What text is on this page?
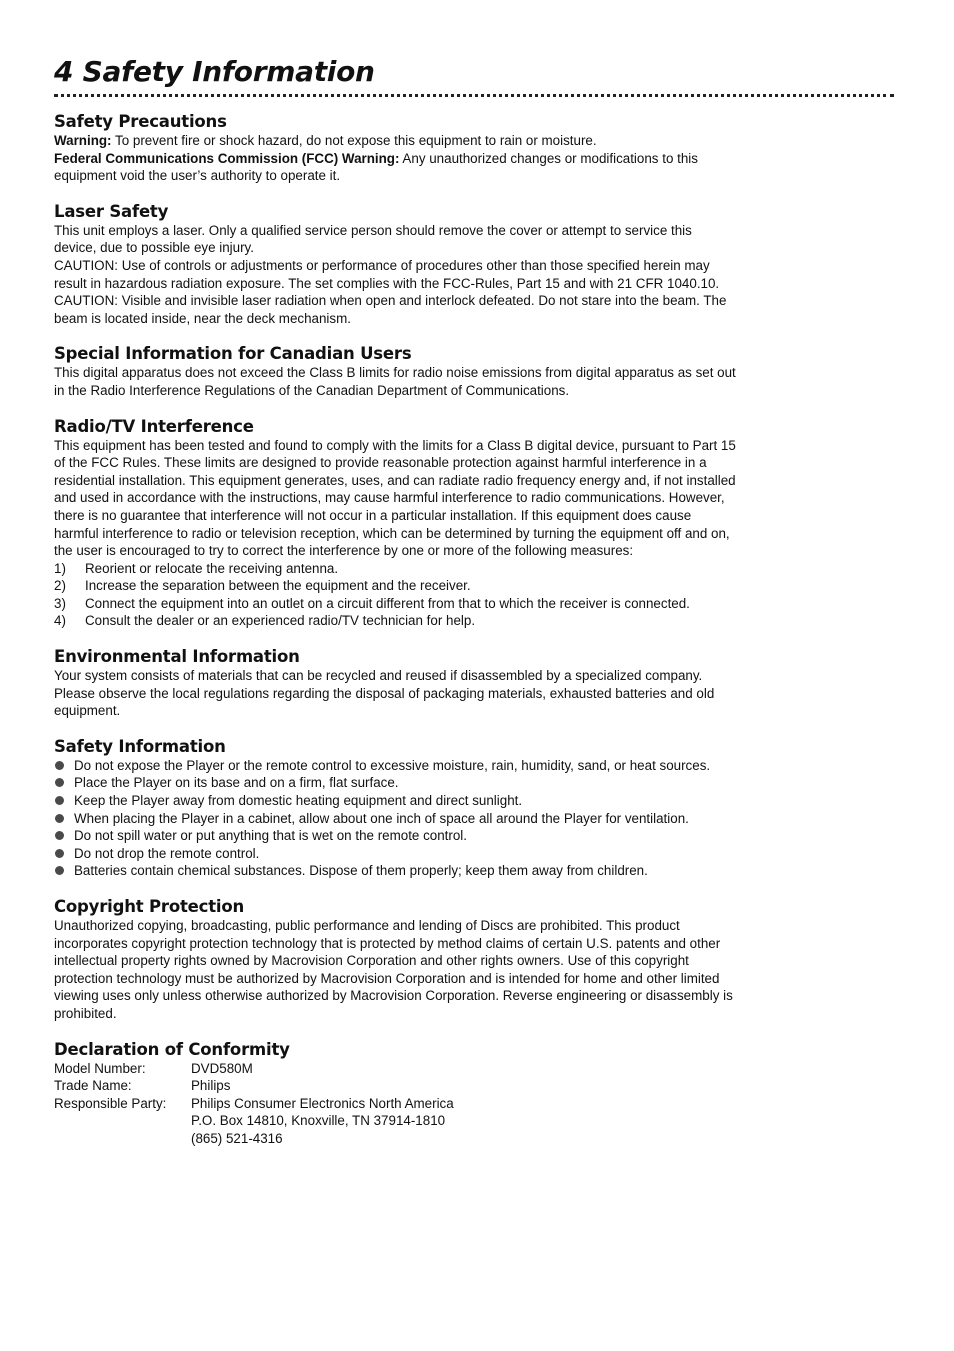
4 Safety Information
Safety Precautions

Warning: To prevent fire or shock hazard, do not expose this equipment to rain or moisture.

Federal Communications Commission (FCC) Warning: Any unauthorized changes or modifications to this equipment void the user’s authority to operate it.

Laser Safety

This unit employs a laser. Only a qualified service person should remove the cover or attempt to service this device, due to possible eye injury.

CAUTION: Use of controls or adjustments or performance of procedures other than those specified herein may result in hazardous radiation exposure. The set complies with the FCC-Rules, Part 15 and with 21 CFR 1040.10.

CAUTION: Visible and invisible laser radiation when open and interlock defeated. Do not stare into the beam. The beam is located inside, near the deck mechanism.

Special Information for Canadian Users

This digital apparatus does not exceed the Class B limits for radio noise emissions from digital apparatus as set out in the Radio Interference Regulations of the Canadian Department of Communications.

Radio/TV Interference

This equipment has been tested and found to comply with the limits for a Class B digital device, pursuant to Part 15 of the FCC Rules. These limits are designed to provide reasonable protection against harmful interference in a residential installation. This equipment generates, uses, and can radiate radio frequency energy and, if not installed and used in accordance with the instructions, may cause harmful interference to radio communications. However, there is no guarantee that interference will not occur in a particular installation. If this equipment does cause harmful interference to radio or television reception, which can be determined by turning the equipment off and on, the user is encouraged to try to correct the interference by one or more of the following measures:

1) Reorient or relocate the receiving antenna.
2) Increase the separation between the equipment and the receiver.
3) Connect the equipment into an outlet on a circuit different from that to which the receiver is connected.
4) Consult the dealer or an experienced radio/TV technician for help.
Environmental Information

Your system consists of materials that can be recycled and reused if disassembled by a specialized company. Please observe the local regulations regarding the disposal of packaging materials, exhausted batteries and old equipment.

Safety Information
Do not expose the Player or the remote control to excessive moisture, rain, humidity, sand, or heat sources.
Place the Player on its base and on a firm, flat surface.
Keep the Player away from domestic heating equipment and direct sunlight.
When placing the Player in a cabinet, allow about one inch of space all around the Player for ventilation.
Do not spill water or put anything that is wet on the remote control.
Do not drop the remote control.
Batteries contain chemical substances. Dispose of them properly; keep them away from children.
Copyright Protection

Unauthorized copying, broadcasting, public performance and lending of Discs are prohibited. This product incorporates copyright protection technology that is protected by method claims of certain U.S. patents and other intellectual property rights owned by Macrovision Corporation and other rights owners. Use of this copyright protection technology must be authorized by Macrovision Corporation and is intended for home and other limited viewing uses only unless otherwise authorized by Macrovision Corporation. Reverse engineering or disassembly is prohibited.

Declaration of Conformity
Model Number:	DVD580M
Trade Name:	Philips
Responsible Party:	Philips Consumer Electronics North America
P.O. Box 14810, Knoxville, TN 37914-1810
(865) 521-4316
